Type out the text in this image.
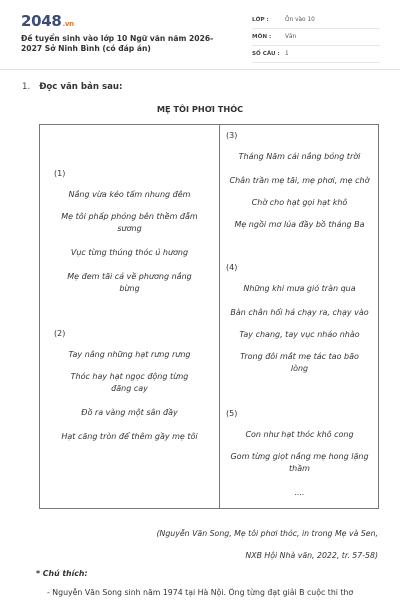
2048.vn
Đề tuyển sinh vào lớp 10 Ngữ văn năm 2026-2027 Sở Ninh Bình (có đáp án)
LỚP :	Ôn vào 10
MÔN :	Văn
SỐ CÂU : 1
1. Đọc văn bản sau:
MẸ TÔI PHƠI THÓC
(1)
Nắng vừa kéo tấm nhung đêm
Mẹ tôi phấp phỏng bên thềm đẫm sương
Vục từng thúng thóc ủ hương
Mẹ đem tãi cả về phương nắng bừng
(2)
Tay nâng những hạt rưng rưng
Thóc hay hạt ngọc động từng đãng cay
Đồ ra vàng một sân đầy
Hạt căng tròn để thêm gầy mẹ tôi
(3)
Tháng Năm cái nắng bỏng trời
Chân trần mẹ tãi, mẹ phơi, mẹ chờ
Chờ cho hạt gọi hạt khô
Mẹ ngồi mơ lúa đầy bồ tháng Ba
(4)
Những khi mưa gió tràn qua
Bàn chân hối hả chạy ra, chạy vào
Tay chang, tay vục nháo nhào
Trong đôi mắt mẹ tác tao bão lòng
(5)
Con như hạt thóc khô cong
Gom từng giọt nắng mẹ hong lặng thầm
....
(Nguyễn Văn Song, Mẹ tôi phơi thóc, in trong Mẹ và Sen,
NXB Hội Nhà văn, 2022, tr. 57-58)
* Chú thích:
- Nguyễn Văn Song sinh năm 1974 tại Hà Nội. Ông từng đạt giải B cuộc thi thơ
